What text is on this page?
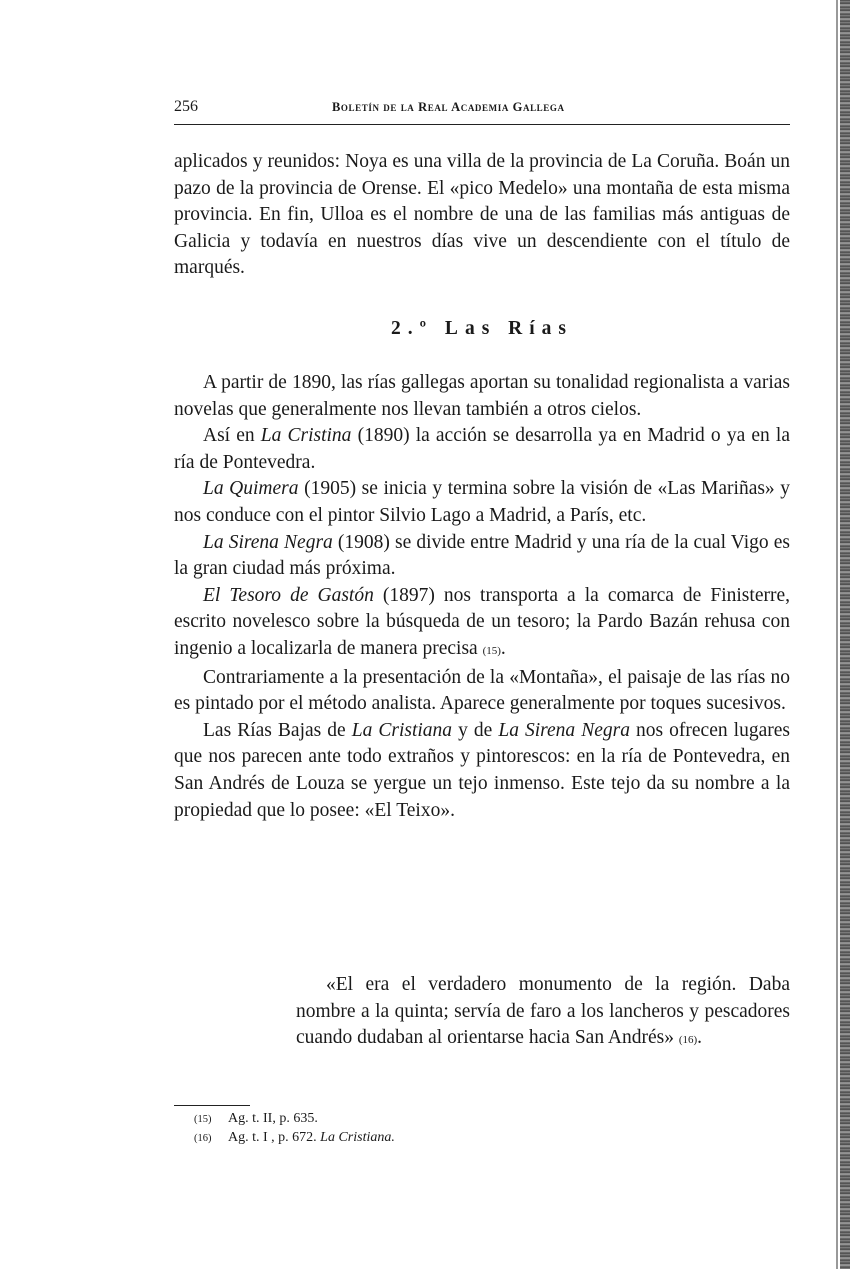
256	Boletín de la Real Academia Gallega

aplicados y reunidos: Noya es una villa de la provincia de La Coruña. Boán un pazo de la provincia de Orense. El «pico Medelo» una montaña de esta misma provincia. En fin, Ulloa es el nombre de una de las familias más antiguas de Galicia y todavía en nuestros días vive un descendiente con el título de marqués.

2.º Las Rías

A partir de 1890, las rías gallegas aportan su tonalidad regionalista a varias novelas que generalmente nos llevan también a otros cielos.

Así en La Cristina (1890) la acción se desarrolla ya en Madrid o ya en la ría de Pontevedra.

La Quimera (1905) se inicia y termina sobre la visión de «Las Mariñas» y nos conduce con el pintor Silvio Lago a Madrid, a París, etc.

La Sirena Negra (1908) se divide entre Madrid y una ría de la cual Vigo es la gran ciudad más próxima.

El Tesoro de Gastón (1897) nos transporta a la comarca de Finisterre, escrito novelesco sobre la búsqueda de un tesoro; la Pardo Bazán rehusa con ingenio a localizarla de manera precisa (15).

Contrariamente a la presentación de la «Montaña», el paisaje de las rías no es pintado por el método analista. Aparece generalmente por toques sucesivos.

Las Rías Bajas de La Cristiana y de La Sirena Negra nos ofrecen lugares que nos parecen ante todo extraños y pintorescos: en la ría de Pontevedra, en San Andrés de Louza se yergue un tejo inmenso. Este tejo da su nombre a la propiedad que lo posee: «El Teixo».

«El era el verdadero monumento de la región. Daba nombre a la quinta; servía de faro a los lancheros y pescadores cuando dudaban al orientarse hacia San Andrés» (16).

(15) Ag. t. II, p. 635.

(16) Ag. t. I , p. 672. La Cristiana.
